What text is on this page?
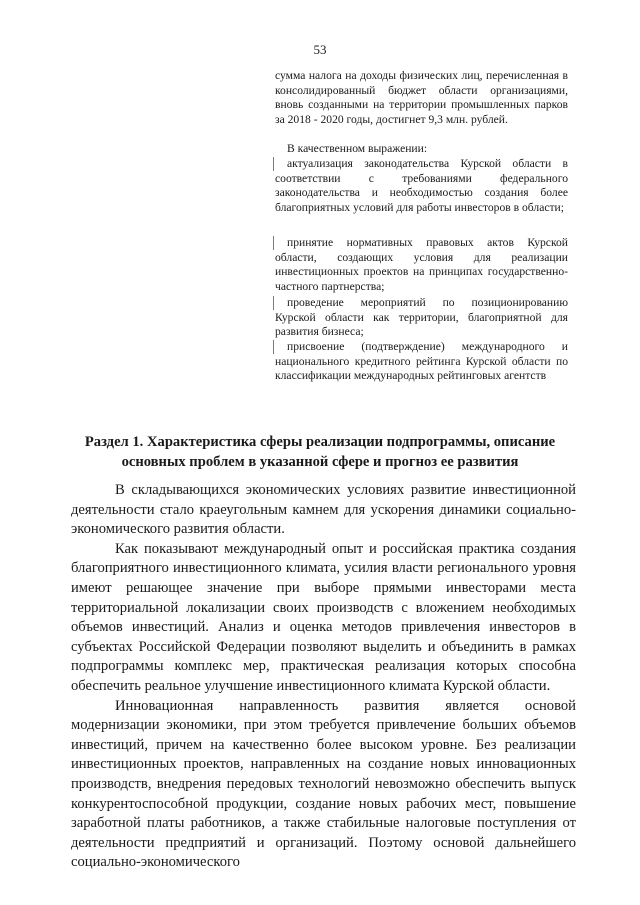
53

сумма налога на доходы физических лиц, перечисленная в консолидированный бюджет области организациями, вновь созданными на территории промышленных парков за 2018 - 2020 годы, достигнет 9,3 млн. рублей.

В качественном выражении:

актуализация законодательства Курской области в соответствии с требованиями федерального законодательства и необходимостью создания более благоприятных условий для работы инвесторов в области;

принятие нормативных правовых актов Курской области, создающих условия для реализации инвестиционных проектов на принципах государственно-частного партнерства;

проведение мероприятий по позиционированию Курской области как территории, благоприятной для развития бизнеса;

присвоение (подтверждение) международного и национального кредитного рейтинга Курской области по классификации международных рейтинговых агентств

Раздел 1. Характеристика сферы реализации подпрограммы, описание основных проблем в указанной сфере и прогноз ее развития

В складывающихся экономических условиях развитие инвестиционной деятельности стало краеугольным камнем для ускорения динамики социально-экономического развития области.

Как показывают международный опыт и российская практика создания благоприятного инвестиционного климата, усилия власти регионального уровня имеют решающее значение при выборе прямыми инвесторами места территориальной локализации своих производств с вложением необходимых объемов инвестиций. Анализ и оценка методов привлечения инвесторов в субъектах Российской Федерации позволяют выделить и объединить в рамках подпрограммы комплекс мер, практическая реализация которых способна обеспечить реальное улучшение инвестиционного климата Курской области.

Инновационная направленность развития является основой модернизации экономики, при этом требуется привлечение больших объемов инвестиций, причем на качественно более высоком уровне. Без реализации инвестиционных проектов, направленных на создание новых инновационных производств, внедрения передовых технологий невозможно обеспечить выпуск конкурентоспособной продукции, создание новых рабочих мест, повышение заработной платы работников, а также стабильные налоговые поступления от деятельности предприятий и организаций. Поэтому основой дальнейшего социально-экономического
